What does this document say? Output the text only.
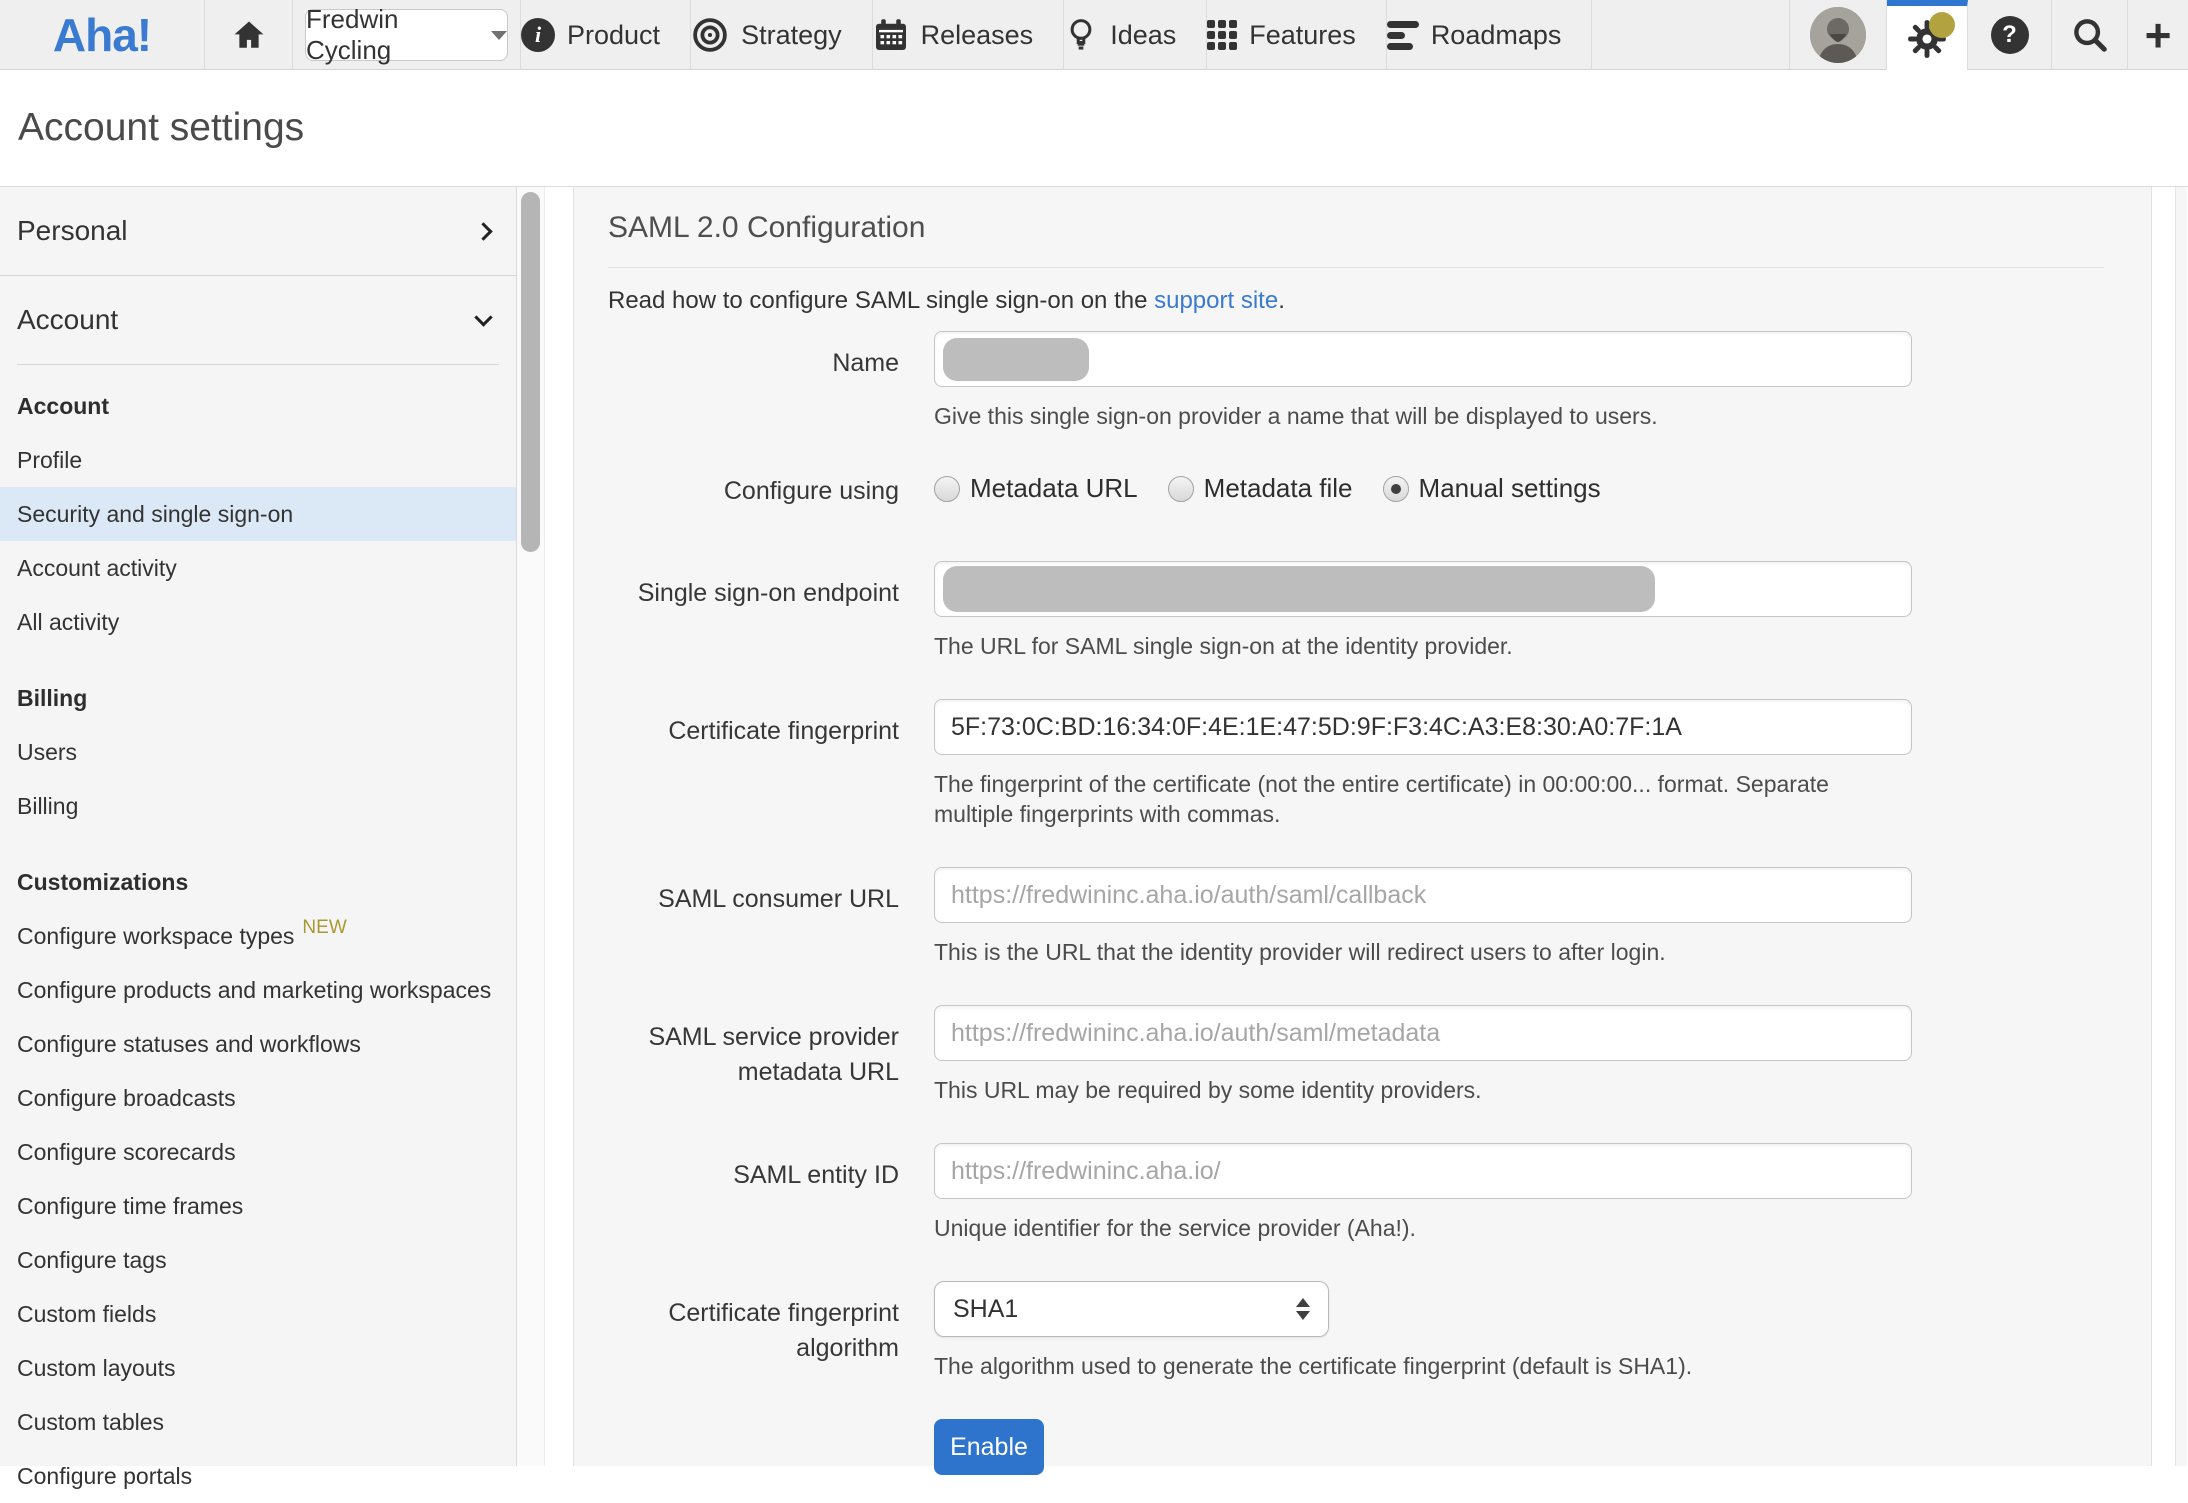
Aha!	Fredwin Cycling
i Product	Strategy	Releases	Ideas	Features	Roadmaps	?	+
Account settings
Personal
Account
Account
Profile
Security and single sign-on
Account activity
All activity
Billing
Users
Billing
Customizations
Configure workspace types NEW
Configure products and marketing workspaces
Configure statuses and workflows
Configure broadcasts
Configure scorecards
Configure time frames
Configure tags
Custom fields
Custom layouts
Custom tables
Configure portals
SAML 2.0 Configuration
Read how to configure SAML single sign-on on the support site.
Name
Give this single sign-on provider a name that will be displayed to users.
Configure using	Metadata URL	Metadata file	Manual settings
Single sign-on endpoint
The URL for SAML single sign-on at the identity provider.
Certificate fingerprint
5F:73:0C:BD:16:34:0F:4E:1E:47:5D:9F:F3:4C:A3:E8:30:A0:7F:1A
The fingerprint of the certificate (not the entire certificate) in 00:00:00... format. Separate multiple fingerprints with commas.
SAML consumer URL
https://fredwininc.aha.io/auth/saml/callback
This is the URL that the identity provider will redirect users to after login.
SAML service provider metadata URL
https://fredwininc.aha.io/auth/saml/metadata
This URL may be required by some identity providers.
SAML entity ID
https://fredwininc.aha.io/
Unique identifier for the service provider (Aha!).
Certificate fingerprint algorithm
SHA1
The algorithm used to generate the certificate fingerprint (default is SHA1).
Enable
